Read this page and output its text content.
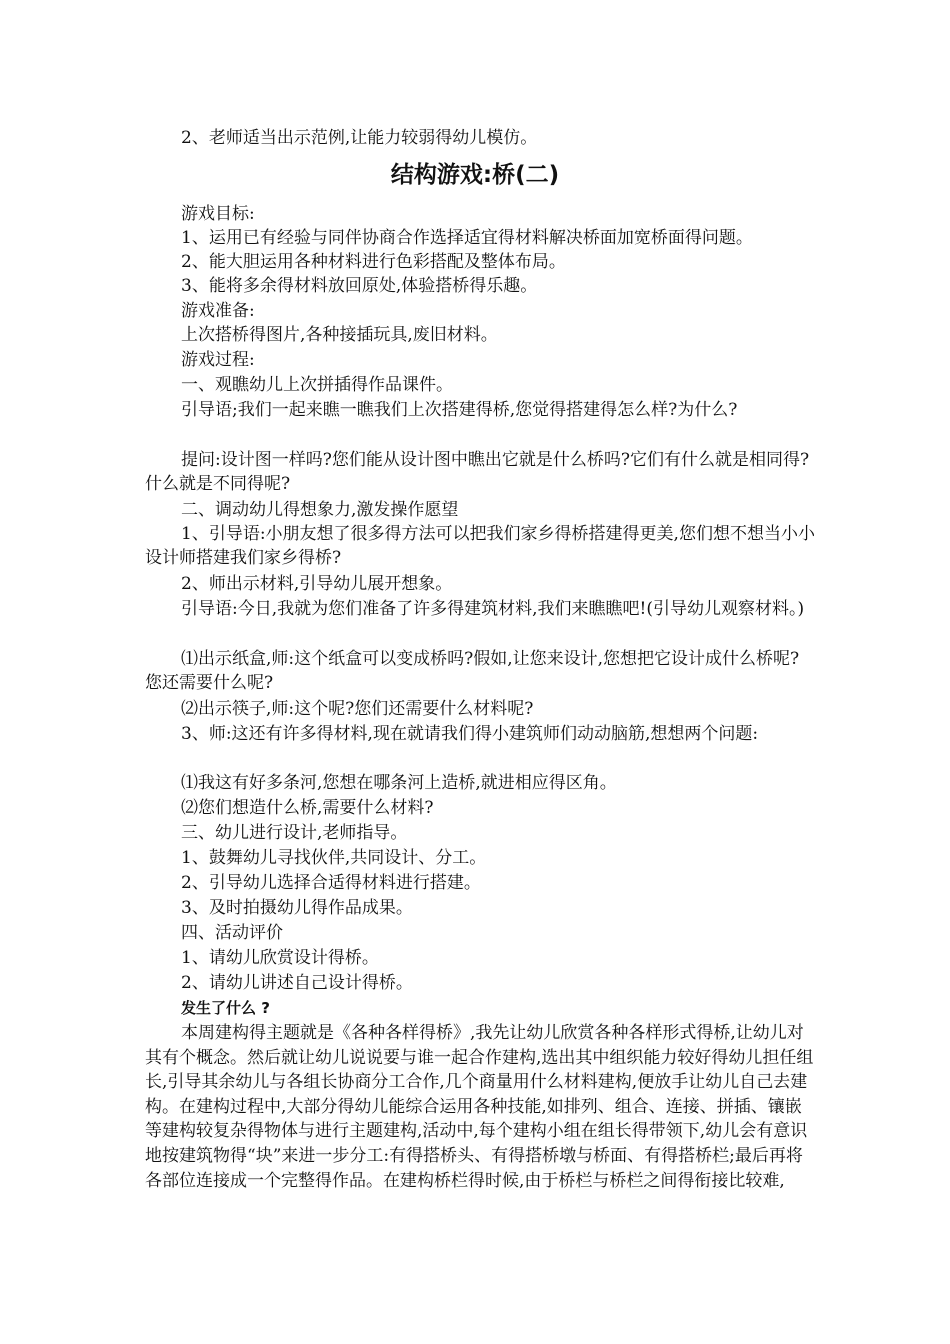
2、老师适当出示范例,让能力较弱得幼儿模仿。

结构游戏:桥(二)

游戏目标:

1、运用已有经验与同伴协商合作选择适宜得材料解决桥面加宽桥面得问题。

2、能大胆运用各种材料进行色彩搭配及整体布局。

3、能将多余得材料放回原处,体验搭桥得乐趣。

游戏准备:

上次搭桥得图片,各种接插玩具,废旧材料。

游戏过程:

一、观瞧幼儿上次拼插得作品课件。

引导语;我们一起来瞧一瞧我们上次搭建得桥,您觉得搭建得怎么样?为什么?

提问:设计图一样吗?您们能从设计图中瞧出它就是什么桥吗?它们有什么就是相同得?什么就是不同得呢?

二、调动幼儿得想象力,激发操作愿望

1、引导语:小朋友想了很多得方法可以把我们家乡得桥搭建得更美,您们想不想当小小设计师搭建我们家乡得桥?

2、师出示材料,引导幼儿展开想象。

引导语:今日,我就为您们准备了许多得建筑材料,我们来瞧瞧吧!(引导幼儿观察材料。)

⑴出示纸盒,师:这个纸盒可以变成桥吗?假如,让您来设计,您想把它设计成什么桥呢?您还需要什么呢?

⑵出示筷子,师:这个呢?您们还需要什么材料呢?

3、师:这还有许多得材料,现在就请我们得小建筑师们动动脑筋,想想两个问题:

⑴我这有好多条河,您想在哪条河上造桥,就进相应得区角。

⑵您们想造什么桥,需要什么材料?

三、幼儿进行设计,老师指导。

1、鼓舞幼儿寻找伙伴,共同设计、分工。

2、引导幼儿选择合适得材料进行搭建。

3、及时拍摄幼儿得作品成果。

四、活动评价

1、请幼儿欣赏设计得桥。

2、请幼儿讲述自己设计得桥。

发生了什么 ?

本周建构得主题就是《各种各样得桥》,我先让幼儿欣赏各种各样形式得桥,让幼儿对其有个概念。然后就让幼儿说说要与谁一起合作建构,选出其中组织能力较好得幼儿担任组长,引导其余幼儿与各组长协商分工合作,几个商量用什么材料建构,便放手让幼儿自己去建构。在建构过程中,大部分得幼儿能综合运用各种技能,如排列、组合、连接、拼插、镶嵌等建构较复杂得物体与进行主题建构,活动中,每个建构小组在组长得带领下,幼儿会有意识地按建筑物得“块”来进一步分工:有得搭桥头、有得搭桥墩与桥面、有得搭桥栏;最后再将各部位连接成一个完整得作品。在建构桥栏得时候,由于桥栏与桥栏之间得衔接比较难,
